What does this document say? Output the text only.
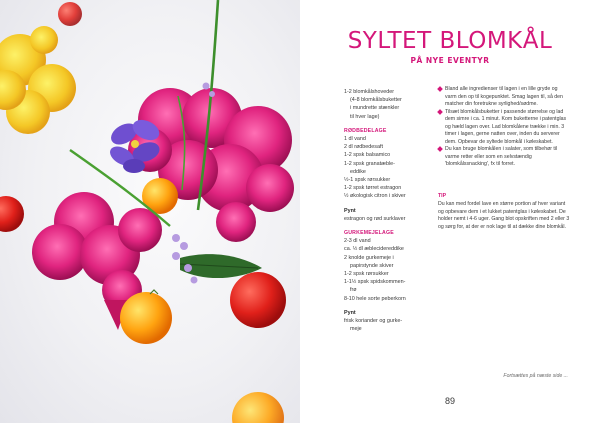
SYLTET BLOMKÅL
PÅ NYE EVENTYR
1-2 blomkålshoveder
(4-8 blomkålsbuketter
i mundrette stænkler
til hver lage)
RØDBEDELAGE
1 dl vand
2 dl rødbedesaft
1-2 spsk balsamico
1-2 spsk granatæble-
eddike
½-1 spsk rørsukker
1-2 spsk tørret estragon
½ økologisk citron i skiver
Pynt
estragon og rød surklaver
GURKEMEJELAGE
2-3 dl vand
ca. ½ dl æblecidereddike
2 knolde gurkemeje i
papirstynde skiver
1-2 spsk rørsukker
1-1½ spsk spidskommen-
frø
8-10 hele sorte peberkorn
Pynt
frisk koriander og gurke-
meje
Bland alle ingredienser til lagen i en lille gryde og varm den op til kogepunktet. Smag lagen til, så den matcher din foretrukne syrlighed/sødme.
Tilsæt blomkålsbuketter i passende størrelse og lad dem simre i ca. 1 minut. Kom buketterne i patentglas og hæld lagen over. Lad blomkålene trække i min. 3 timer i lagen, gerne natten over, inden du serverer dem. Opbevar de syltede blomkål i køleskabet.
Du kan bruge blomkålen i salater, som tilbehør til varme retter eller som en selvstændig 'blomkålssnacking', fx til forret.
TIP
Du kan med fordel lave en større portion af hver variant og opbevare dem i et lukket patentglas i køleskabet. De holder nemt i 4-6 uger. Gang blot opskriften med 2 eller 3 og sørg for, at der er nok lage til at dække dine blomkål.
Fortsættes på næste side ...
89
